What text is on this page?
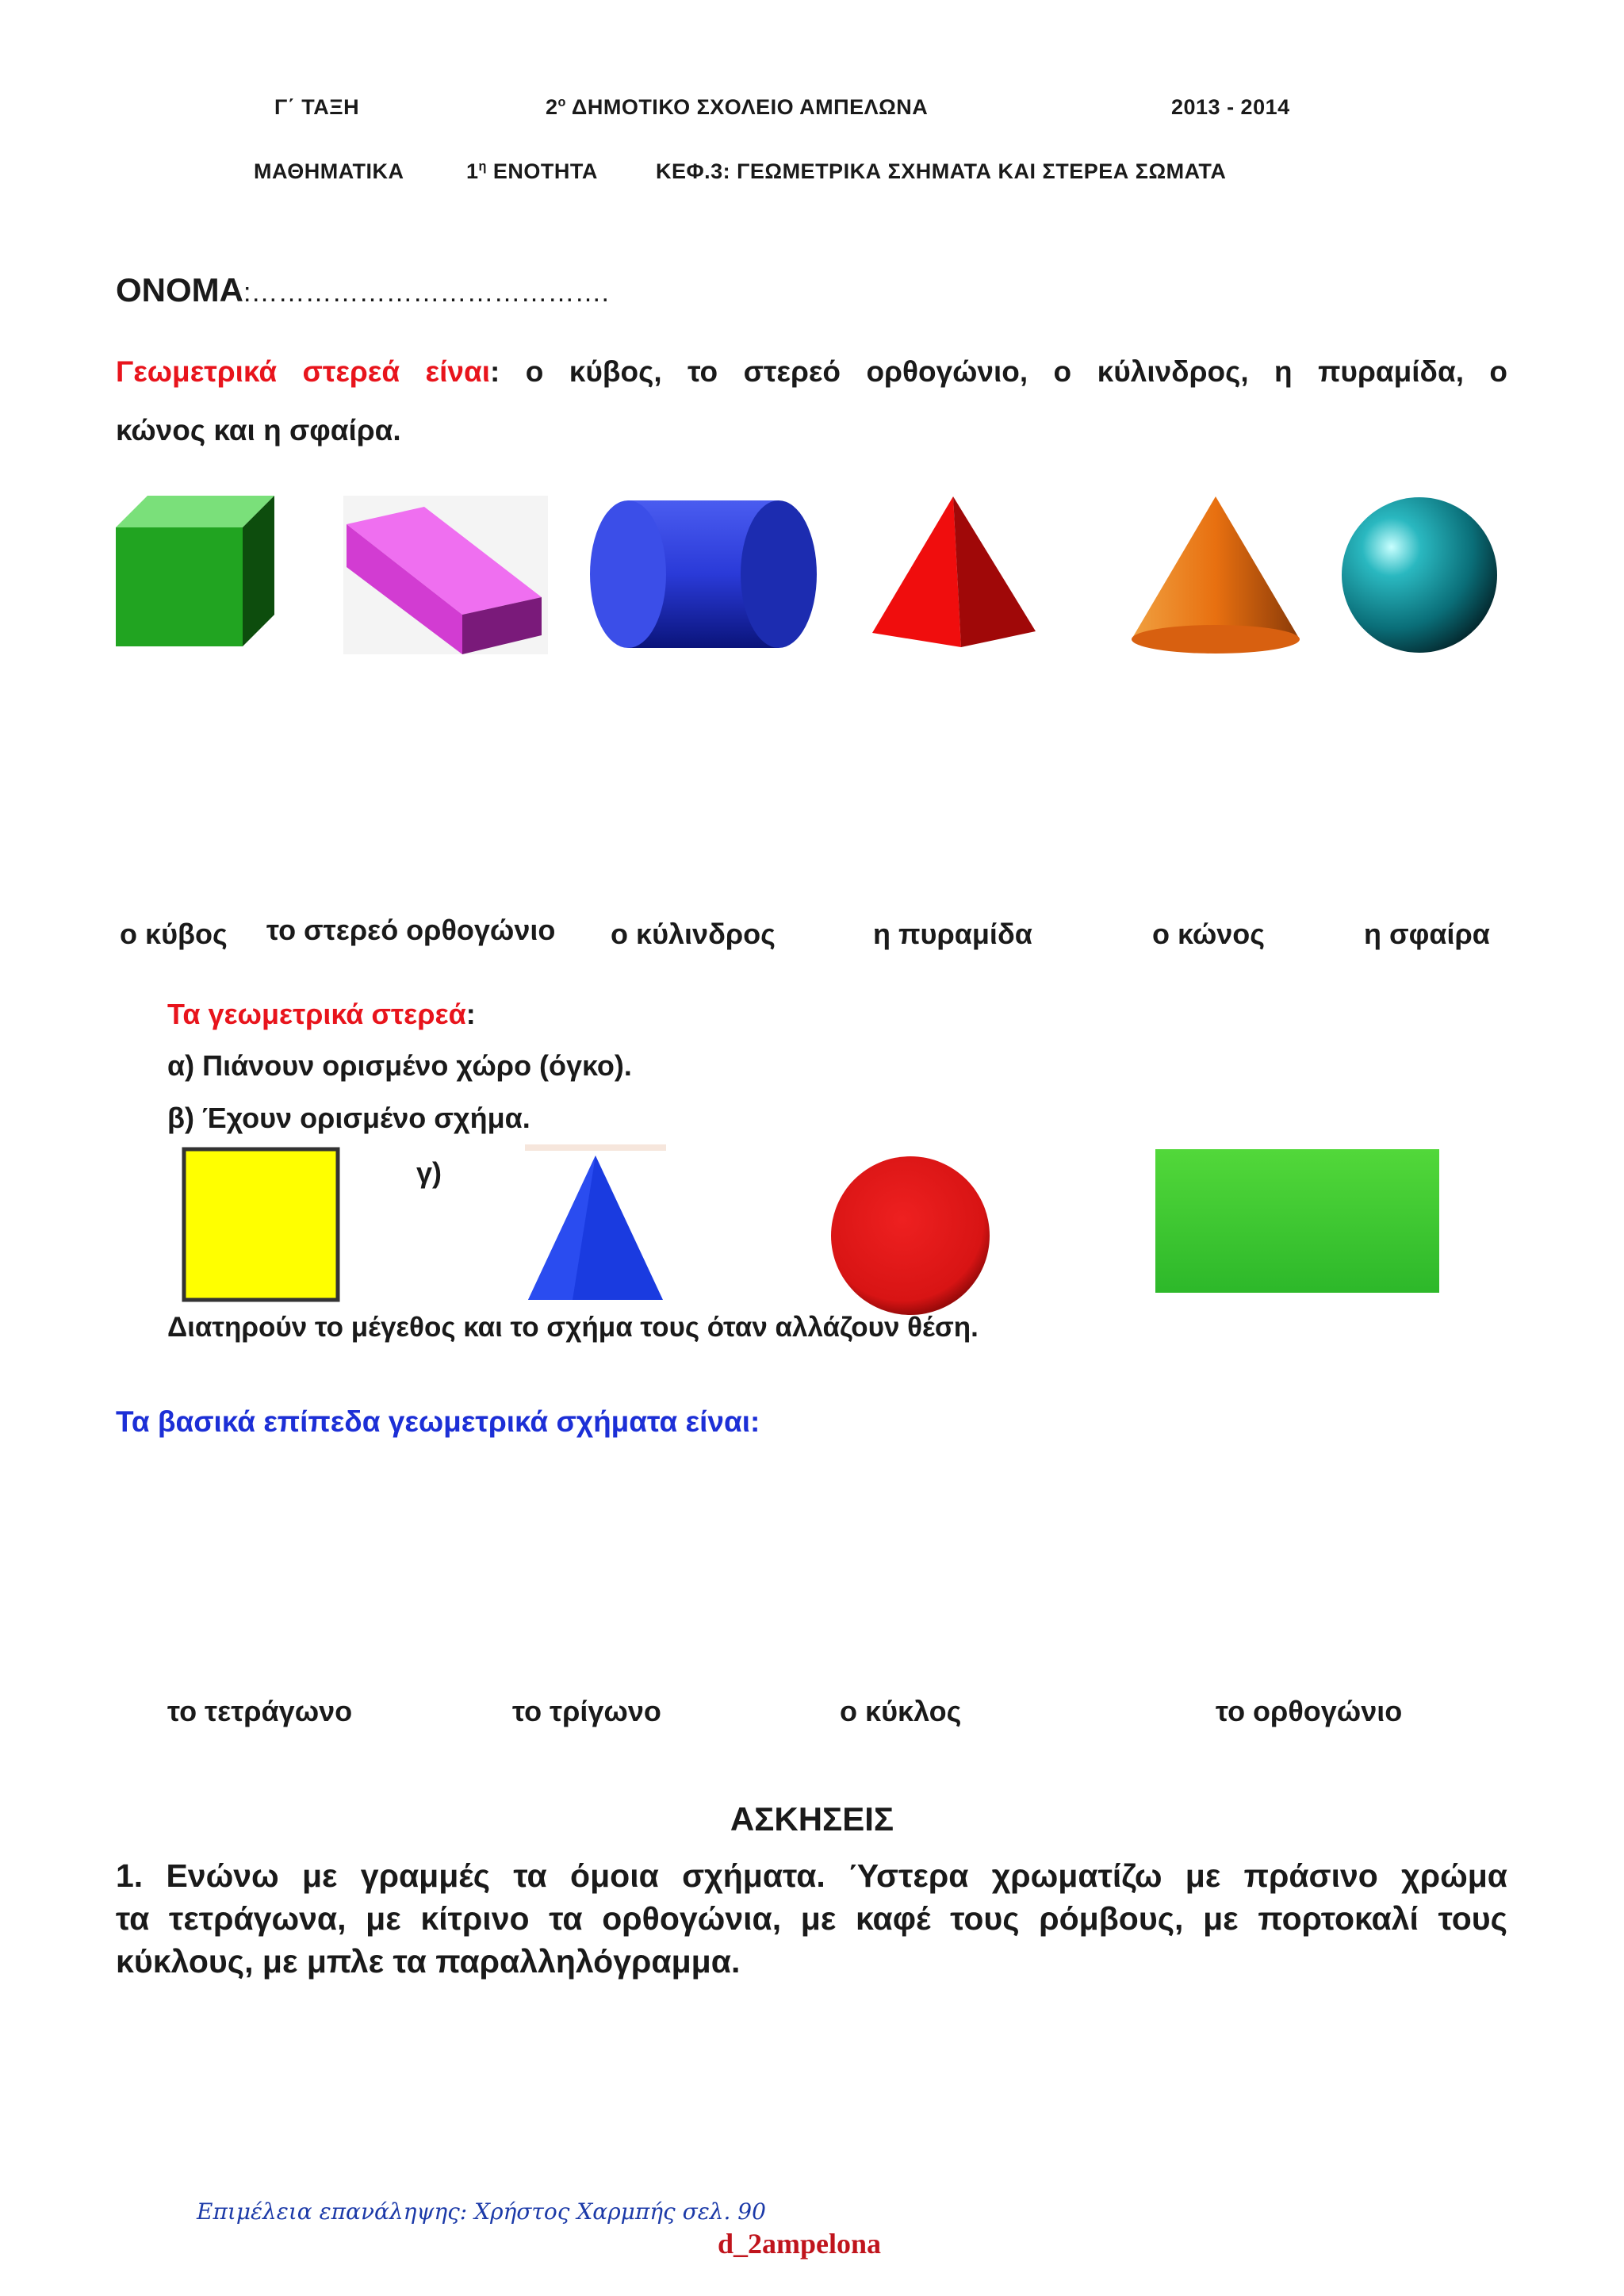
Γ΄ ΤΑΞΗ	$2^o$ ΔΗΜΟΤΙΚΟ ΣΧΟΛΕΙΟ ΑΜΠΕΛΩΝΑ	2013 - 2014
ΜΑΘΗΜΑΤΙΚΑ	$1^\eta$ ΕΝΟΤΗΤΑ	ΚΕΦ.3: ΓΕΩΜΕΤΡΙΚΑ ΣΧΗΜΑΤΑ ΚΑΙ ΣΤΕΡΕΑ ΣΩΜΑΤΑ
ΟΝΟΜΑ:………………………………….
Γεωμετρικά στερεά είναι: ο κύβος, το στερεό ορθογώνιο, ο κύλινδρος, η πυραμίδα, ο
κώνος και η σφαίρα.
ο κύβος το στερεό ορθογώνιο ο κύλινδρος	η πυραμίδα	ο κώνος	η σφαίρα
Τα γεωμετρικά στερεά:
α) Πιάνουν ορισμένο χώρο (όγκο).
β) Έχουν ορισμένο σχήμα.
γ)
Διατηρούν το μέγεθος και το σχήμα τους όταν αλλάζουν θέση.
Τα βασικά επίπεδα γεωμετρικά σχήματα είναι:
το τετράγωνο	το τρίγωνο	ο κύκλος	το ορθογώνιο
ΑΣΚΗΣΕΙΣ
1. Ενώνω με γραμμές τα όμοια σχήματα. Ύστερα χρωματίζω με πράσινο χρώμα
τα τετράγωνα, με κίτρινο τα ορθογώνια, με καφέ τους ρόμβους, με πορτοκαλί τους
κύκλους, με μπλε τα παραλληλόγραμμα.
Επιμέλεια επανάληψης: Χρήστος Χαρμπής σελ. 90
d_2ampelona
